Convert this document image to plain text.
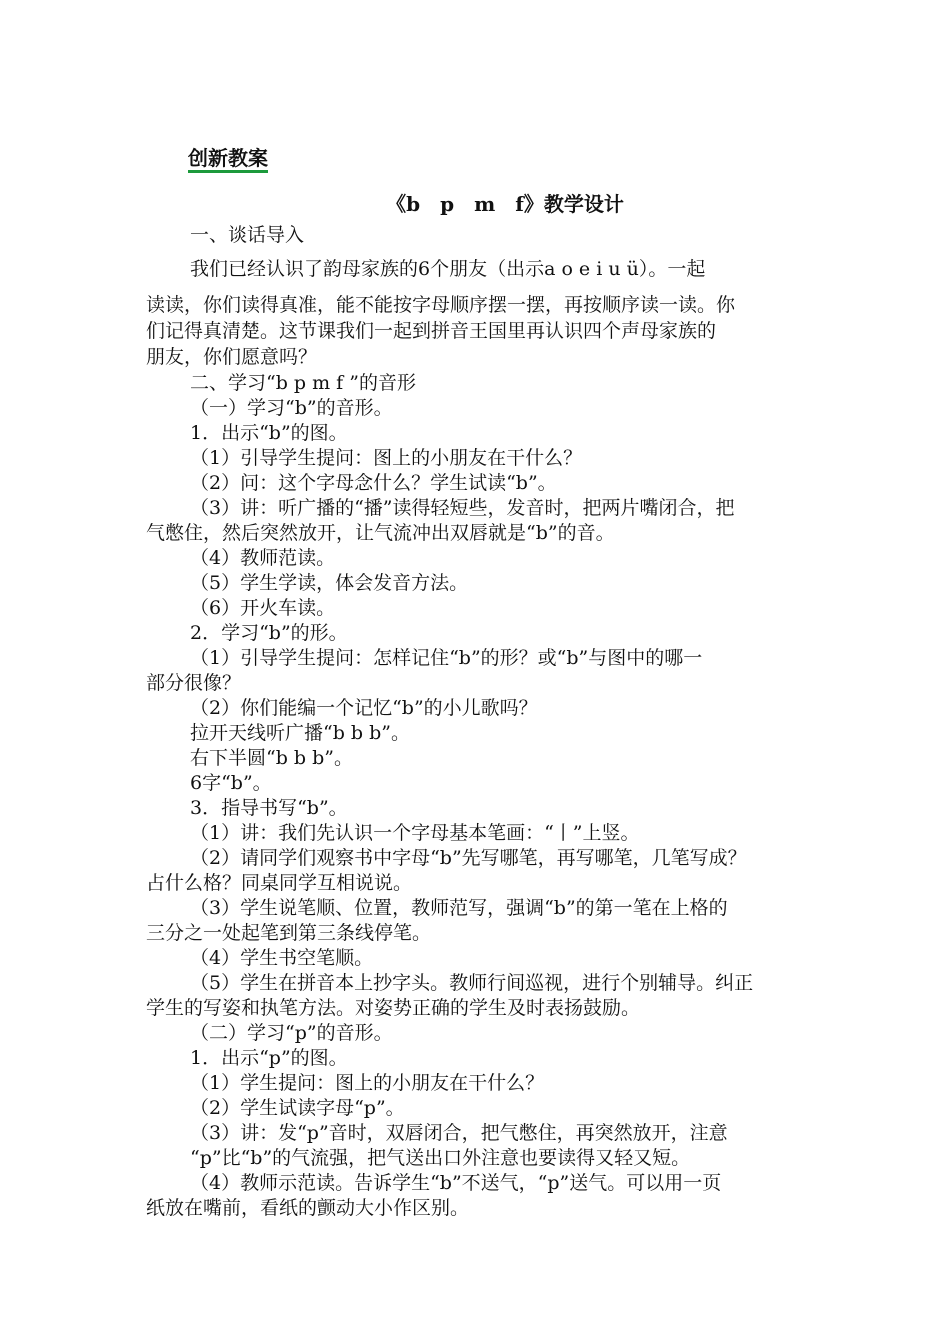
创新教案
《b　p　m　f》教学设计
一、谈话导入
我们已经认识了韵母家族的6个朋友（出示a o e i u ü）。一起
读读，你们读得真准，能不能按字母顺序摆一摆，再按顺序读一读。你
们记得真清楚。这节课我们一起到拼音王国里再认识四个声母家族的
朋友，你们愿意吗？
二、学习“b p m f ”的音形
（一）学习“b”的音形。
1．出示“b”的图。
（1）引导学生提问：图上的小朋友在干什么？
（2）问：这个字母念什么？学生试读“b”。
（3）讲：听广播的“播”读得轻短些，发音时，把两片嘴闭合，把
气憋住，然后突然放开，让气流冲出双唇就是“b”的音。
（4）教师范读。
（5）学生学读，体会发音方法。
（6）开火车读。
2．学习“b”的形。
（1）引导学生提问：怎样记住“b”的形？或“b”与图中的哪一
部分很像？
（2）你们能编一个记忆“b”的小儿歌吗？
拉开天线听广播“b b b”。
右下半圆“b b b”。
6字“b”。
3．指导书写“b”。
（1）讲：我们先认识一个字母基本笔画：“丨”上竖。
（2）请同学们观察书中字母“b”先写哪笔，再写哪笔，几笔写成？
占什么格？同桌同学互相说说。
（3）学生说笔顺、位置，教师范写，强调“b”的第一笔在上格的
三分之一处起笔到第三条线停笔。
（4）学生书空笔顺。
（5）学生在拼音本上抄字头。教师行间巡视，进行个别辅导。纠正
学生的写姿和执笔方法。对姿势正确的学生及时表扬鼓励。
（二）学习“p”的音形。
1．出示“p”的图。
（1）学生提问：图上的小朋友在干什么？
（2）学生试读字母“p”。
（3）讲：发“p”音时，双唇闭合，把气憋住，再突然放开，注意
“p”比“b”的气流强，把气送出口外注意也要读得又轻又短。
（4）教师示范读。告诉学生“b”不送气，“p”送气。可以用一页
纸放在嘴前，看纸的颤动大小作区别。
